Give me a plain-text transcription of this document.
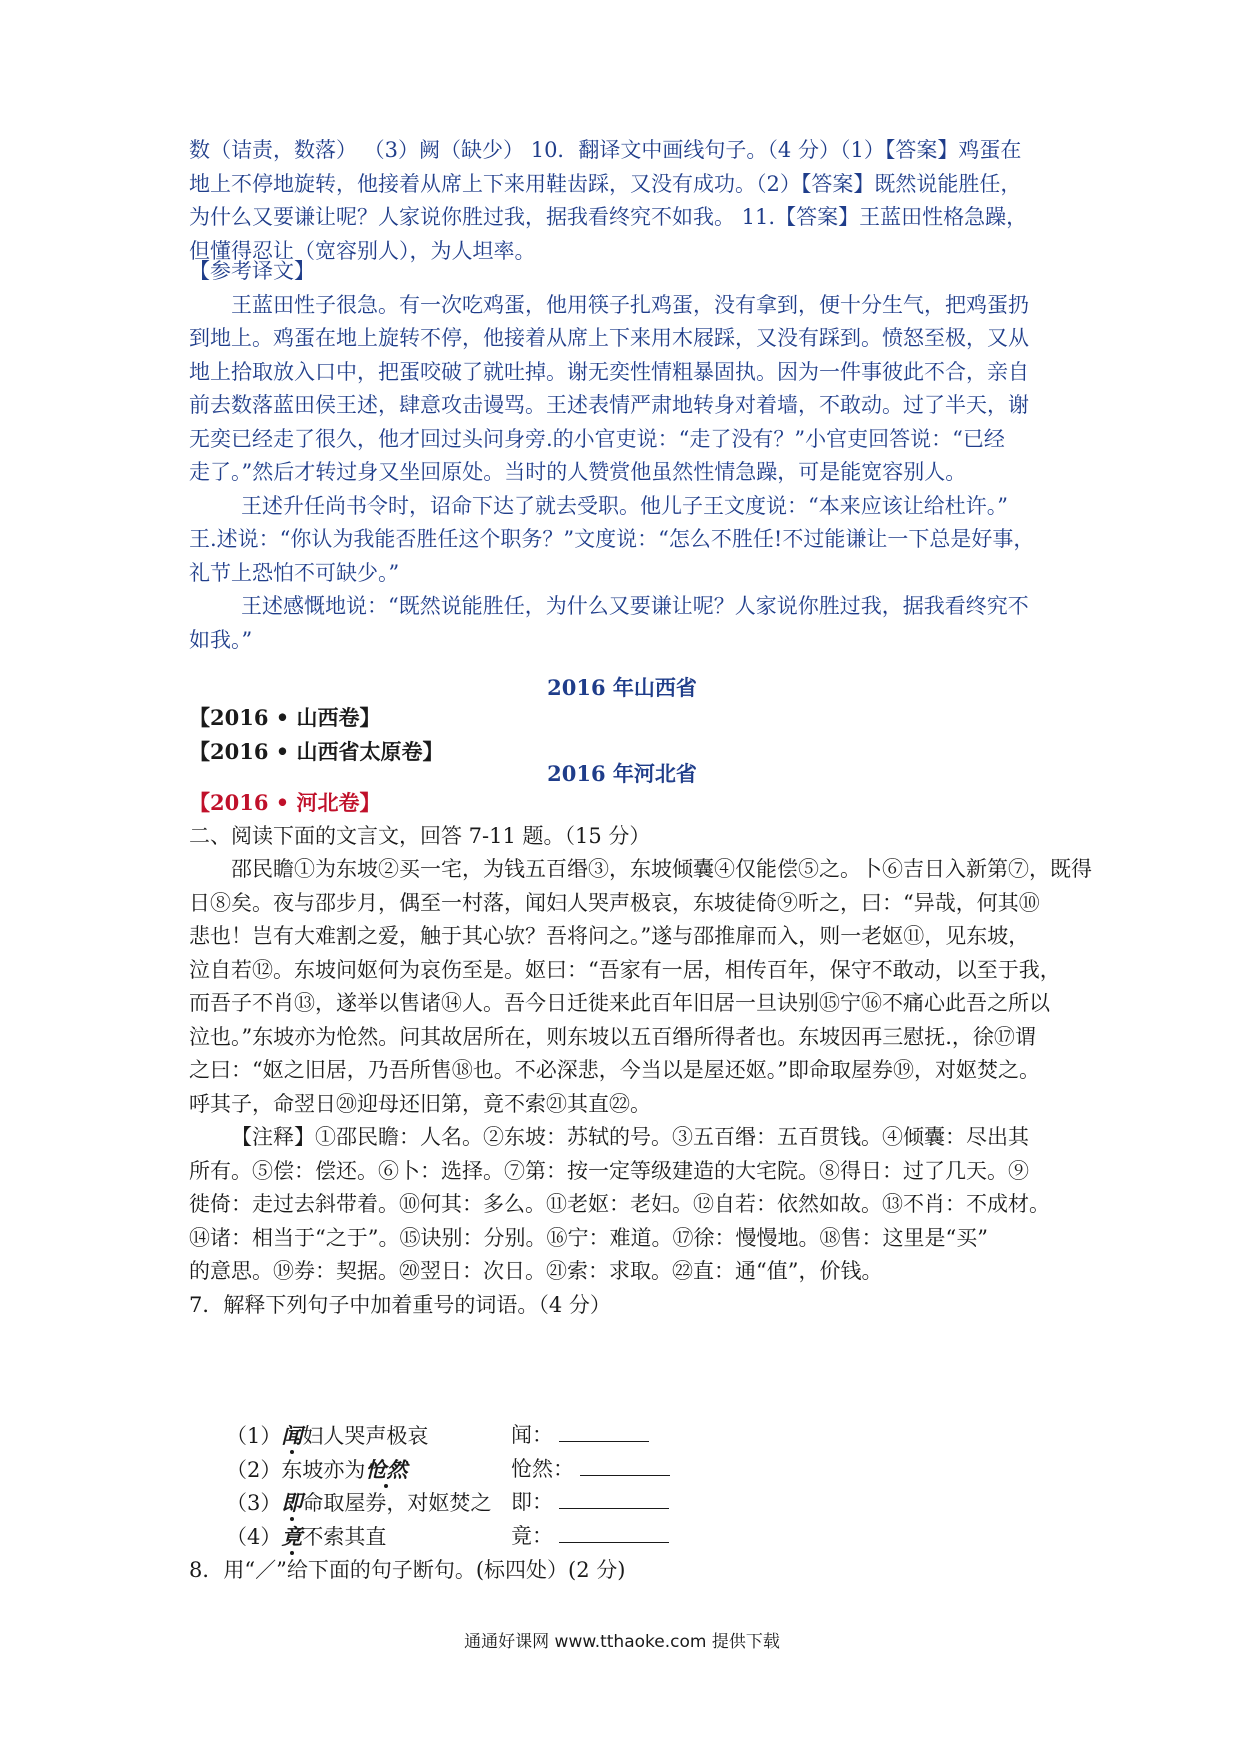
数（诘责，数落） （3）阙（缺少） 10．翻译文中画线句子。（4 分）（1）【答案】鸡蛋在
地上不停地旋转，他接着从席上下来用鞋齿踩，又没有成功。（2）【答案】既然说能胜任，
为什么又要谦让呢？人家说你胜过我，据我看终究不如我。 11.【答案】王蓝田性格急躁，
但懂得忍让（宽容别人），为人坦率。
【参考译文】
王蓝田性子很急。有一次吃鸡蛋，他用筷子扎鸡蛋，没有拿到，便十分生气，把鸡蛋扔
到地上。鸡蛋在地上旋转不停，他接着从席上下来用木屐踩，又没有踩到。愤怒至极，又从
地上拾取放入口中，把蛋咬破了就吐掉。谢无奕性情粗暴固执。因为一件事彼此不合，亲自
前去数落蓝田侯王述，肆意攻击谩骂。王述表情严肃地转身对着墙，不敢动。过了半天，谢
无奕已经走了很久，他才回过头问身旁.的小官吏说：“走了没有？”小官吏回答说：“已经
走了。”然后才转过身又坐回原处。当时的人赞赏他虽然性情急躁，可是能宽容别人。
王述升任尚书令时，诏命下达了就去受职。他儿子王文度说：“本来应该让给杜许。”
王.述说：“你认为我能否胜任这个职务？”文度说：“怎么不胜任!不过能谦让一下总是好事，
礼节上恐怕不可缺少。”
王述感慨地说：“既然说能胜任，为什么又要谦让呢？人家说你胜过我，据我看终究不
如我。”
2016 年山西省
【2016 • 山西卷】
【2016 • 山西省太原卷】
2016 年河北省
【2016 • 河北卷】
二、阅读下面的文言文，回答 7-11 题。（15 分）
邵民瞻①为东坡②买一宅，为钱五百缗③，东坡倾囊④仅能偿⑤之。卜⑥吉日入新第⑦，既得
日⑧矣。夜与邵步月，偶至一村落，闻妇人哭声极哀，东坡徒倚⑨听之，曰：“异哉，何其⑩
悲也！岂有大难割之爱，触于其心欤？吾将问之。”遂与邵推扉而入，则一老妪⑪，见东坡，
泣自若⑫。东坡问妪何为哀伤至是。妪曰：“吾家有一居，相传百年，保守不敢动，以至于我，
而吾子不肖⑬，遂举以售诸⑭人。吾今日迁徙来此百年旧居一旦诀别⑮宁⑯不痛心此吾之所以
泣也。”东坡亦为怆然。问其故居所在，则东坡以五百缗所得者也。东坡因再三慰抚.，徐⑰谓
之曰：“妪之旧居，乃吾所售⑱也。不必深悲，今当以是屋还妪。”即命取屋券⑲，对妪焚之。
呼其子，命翌日⑳迎母还旧第，竟不索㉑其直㉒。
【注释】①邵民瞻：人名。②东坡：苏轼的号。③五百缗：五百贯钱。④倾囊：尽出其
所有。⑤偿：偿还。⑥卜：选择。⑦第：按一定等级建造的大宅院。⑧得日：过了几天。⑨
徙倚：走过去斜带着。⑩何其：多么。⑪老妪：老妇。⑫自若：依然如故。⑬不肖：不成材。
⑭诸：相当于“之于”。⑮诀别：分别。⑯宁：难道。⑰徐：慢慢地。⑱售：这里是“买”
的意思。⑲券：契据。⑳翌日：次日。㉑索：求取。㉒直：通“值”，价钱。
7．解释下列句子中加着重号的词语。（4 分）
（1）闻妇人哭声极哀	闻：
（2）东坡亦为怆然	怆然：
（3）即命取屋券，对妪焚之 即：
（4）竟不索其直	竟：
8．用“／”给下面的句子断句。(标四处）(2 分)
通通好课网 www.tthaoke.com 提供下载
